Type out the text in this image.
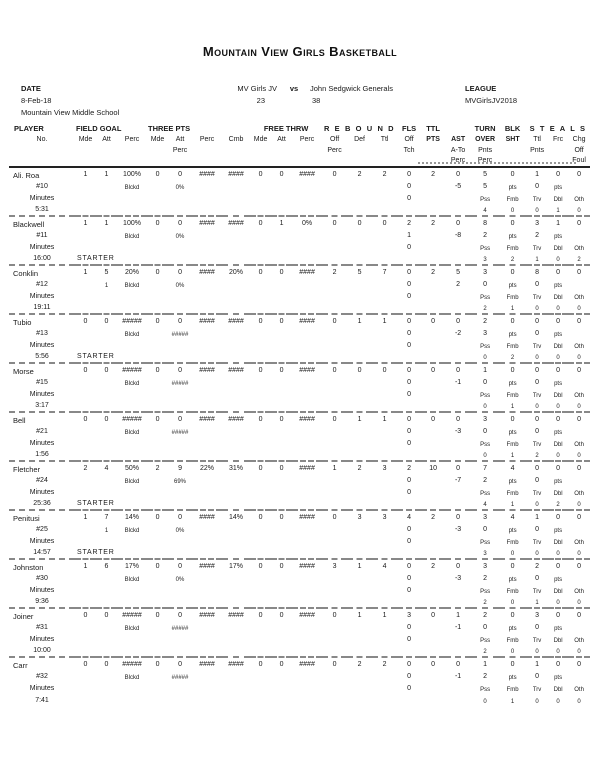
Mountain View Girls Basketball
DATE
8-Feb-18
Mountain View Middle School
MV Girls JV	vs	John Sedgwick Generals
23	38
LEAGUE
MVGirlsJV2018
PLAYER	FIELD GOAL			THREE PTS				FREE THRW			R E B O U N D			FLS	TTL		TURN	BLK	S T E A L S		
No.	Mde	Att	Perc	Mde	Att	Perc	Cmb	Mde	Att	Perc	Off	Def	Ttl	Off	PTS	AST	OVER	SHT	Ttl	Frc	Chg
					Perc						Perc			Tch		A-To	Pnts		Pnts		Off
																Perc	Perc				Foul
Ali. Roa	1	1	100%	0	0	####	####	0	0	####	0	2	2	0	2	0	5	0	1	0	0
#10			Blckd		0%									0		-5	5	pts	0	pts	
Minutes														0			Pss	Fmb	Trv	Dbl	Oth
5:31																	4	0	0	1	0
Blackwell	1	1	100%	0	0	####	####	0	1	0%	0	0	0	2	2	0	8	0	3	1	0
#11			Blckd		0%									1		-8	2	pts	2	pts	
Minutes														0			Pss	Fmb	Trv	Dbl	Oth
16:00	STARTER																3	2	1	0	2
Conklin	1	5	20%	0	0	####	20%	0	0	####	2	5	7	0	2	5	3	0	8	0	0
#12		1	Blckd		0%									0		2	0	pts	0	pts	
Minutes														0			Pss	Fmb	Trv	Dbl	Oth
19:11																	2	1	0	0	0
Tubio	0	0	#####	0	0	####	####	0	0	####	0	1	1	0	0	0	2	0	0	0	0
#13			Blckd		#####									0		-2	3	pts	0	pts	
Minutes														0			Pss	Fmb	Trv	Dbl	Oth
5:56	STARTER																0	2	0	0	0
Morse	0	0	#####	0	0	####	####	0	0	####	0	0	0	0	0	0	1	0	0	0	0
#15			Blckd		#####									0		-1	0	pts	0	pts	
Minutes														0			Pss	Fmb	Trv	Dbl	Oth
3:17																	0	1	0	0	0
Bell	0	0	#####	0	0	####	####	0	0	####	0	1	1	0	0	0	3	0	0	0	0
#21			Blckd		#####									0		-3	0	pts	0	pts	
Minutes														0			Pss	Fmb	Trv	Dbl	Oth
1:56																	0	1	2	0	0
Fletcher	2	4	50%	2	9	22%	31%	0	0	####	1	2	3	2	10	0	7	4	0	0	0
#24			Blckd		69%									0		-7	2	pts	0	pts	
Minutes														0			Pss	Fmb	Trv	Dbl	Oth
25:36	STARTER																4	1	0	2	0
Penitusi	1	7	14%	0	0	####	14%	0	0	####	0	3	3	4	2	0	3	4	1	0	0
#25		1	Blckd		0%									0		-3	0	pts	0	pts	
Minutes														0			Pss	Fmb	Trv	Dbl	Oth
14:57	STARTER																3	0	0	0	0
Johnston	1	6	17%	0	0	####	17%	0	0	####	3	1	4	0	2	0	3	0	2	0	0
#30			Blckd		0%									0		-3	2	pts	0	pts	
Minutes														0			Pss	Fmb	Trv	Dbl	Oth
9:36																	2	0	1	0	0
Joiner	0	0	#####	0	0	####	####	0	0	####	0	1	1	3	0	1	2	0	3	0	0
#31			Blckd		#####									0		-1	0	pts	0	pts	
Minutes														0			Pss	Fmb	Trv	Dbl	Oth
10:00																	2	0	0	0	0
Carr	0	0	#####	0	0	####	####	0	0	####	0	2	2	0	0	0	1	0	1	0	0
#32			Blckd		#####									0		-1	2	pts	0	pts	
Minutes														0			Pss	Fmb	Trv	Dbl	Oth
7:41																	0	1	0	0	0
